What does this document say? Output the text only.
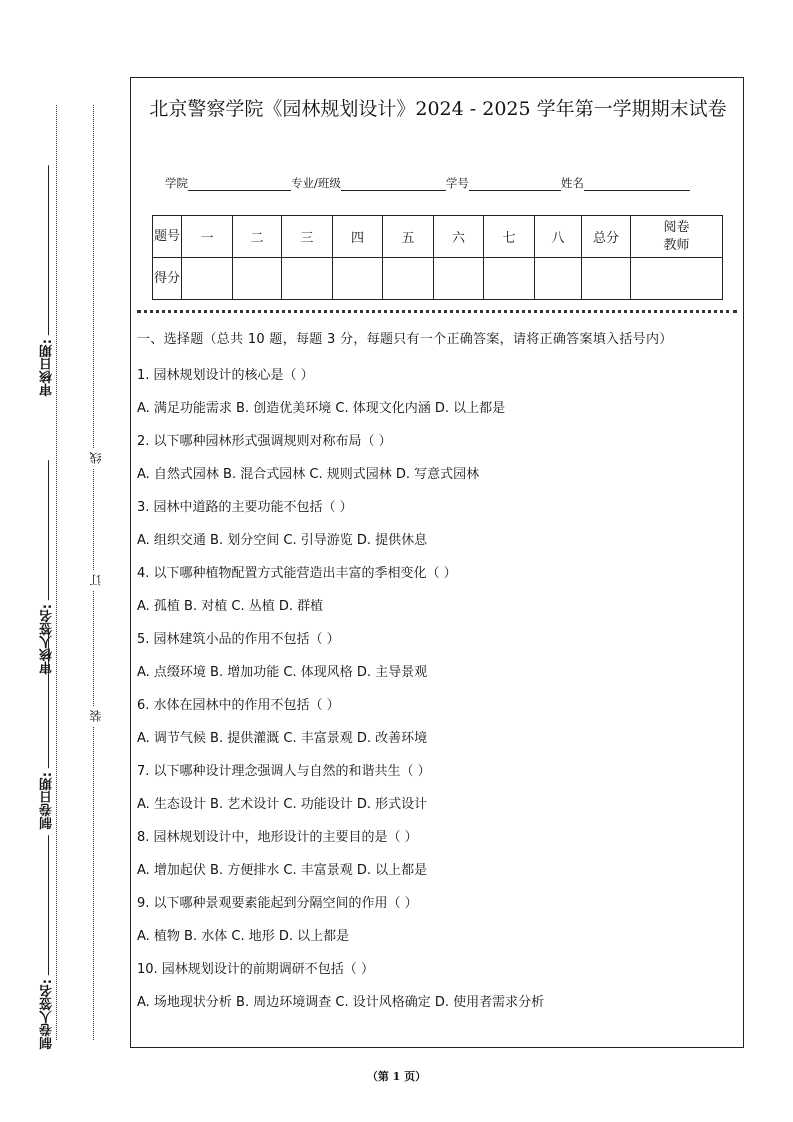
审核日期:
审核人签名:
制卷日期:
制卷人签名:
线
订
装
北京警察学院《园林规划设计》2024 - 2025 学年第一学期期末试卷
学院	专业/班级	学号	姓名
题号	一	二	三	四	五	六	七	八	总分	阅卷教师
得分										
一、选择题（总共 10 题，每题 3 分，每题只有一个正确答案，请将正确答案填入括号内）
1. 园林规划设计的核心是（ ）
A. 满足功能需求 B. 创造优美环境 C. 体现文化内涵 D. 以上都是
2. 以下哪种园林形式强调规则对称布局（ ）
A. 自然式园林 B. 混合式园林 C. 规则式园林 D. 写意式园林
3. 园林中道路的主要功能不包括（ ）
A. 组织交通 B. 划分空间 C. 引导游览 D. 提供休息
4. 以下哪种植物配置方式能营造出丰富的季相变化（ ）
A. 孤植 B. 对植 C. 丛植 D. 群植
5. 园林建筑小品的作用不包括（ ）
A. 点缀环境 B. 增加功能 C. 体现风格 D. 主导景观
6. 水体在园林中的作用不包括（ ）
A. 调节气候 B. 提供灌溉 C. 丰富景观 D. 改善环境
7. 以下哪种设计理念强调人与自然的和谐共生（ ）
A. 生态设计 B. 艺术设计 C. 功能设计 D. 形式设计
8. 园林规划设计中，地形设计的主要目的是（ ）
A. 增加起伏 B. 方便排水 C. 丰富景观 D. 以上都是
9. 以下哪种景观要素能起到分隔空间的作用（ ）
A. 植物 B. 水体 C. 地形 D. 以上都是
10. 园林规划设计的前期调研不包括（ ）
A. 场地现状分析 B. 周边环境调查 C. 设计风格确定 D. 使用者需求分析
（第 1 页）
